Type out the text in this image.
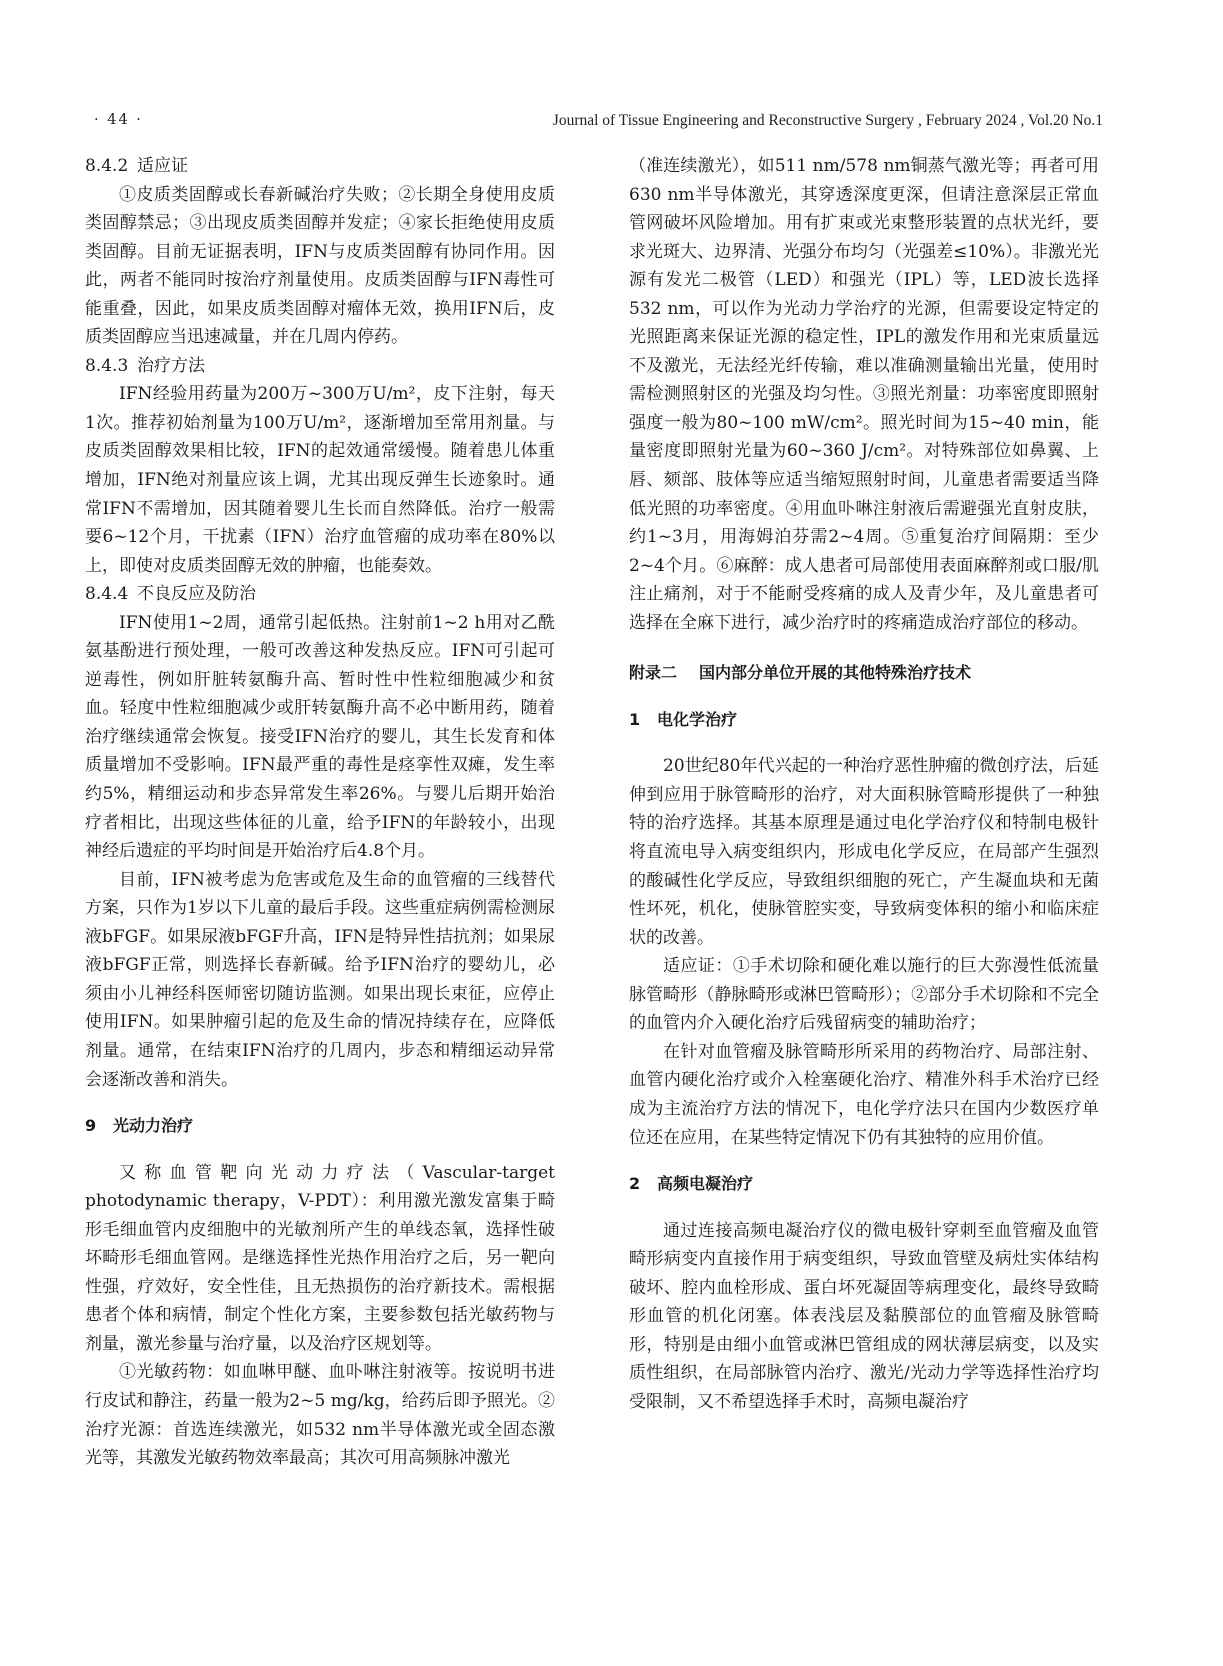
· 44 ·	Journal of Tissue Engineering and Reconstructive Surgery , February 2024 , Vol.20 No.1

8.4.2 适应证

①皮质类固醇或长春新碱治疗失败；②长期全身使用皮质类固醇禁忌；③出现皮质类固醇并发症；④家长拒绝使用皮质类固醇。目前无证据表明，IFN与皮质类固醇有协同作用。因此，两者不能同时按治疗剂量使用。皮质类固醇与IFN毒性可能重叠，因此，如果皮质类固醇对瘤体无效，换用IFN后，皮质类固醇应当迅速减量，并在几周内停药。

8.4.3 治疗方法

IFN经验用药量为200万~300万U/m²，皮下注射，每天1次。推荐初始剂量为100万U/m²，逐渐增加至常用剂量。与皮质类固醇效果相比较，IFN的起效通常缓慢。随着患儿体重增加，IFN绝对剂量应该上调，尤其出现反弹生长迹象时。通常IFN不需增加，因其随着婴儿生长而自然降低。治疗一般需要6~12个月，干扰素（IFN）治疗血管瘤的成功率在80%以上，即使对皮质类固醇无效的肿瘤，也能奏效。

8.4.4 不良反应及防治

IFN使用1~2周，通常引起低热。注射前1~2 h用对乙酰氨基酚进行预处理，一般可改善这种发热反应。IFN可引起可逆毒性，例如肝脏转氨酶升高、暂时性中性粒细胞减少和贫血。轻度中性粒细胞减少或肝转氨酶升高不必中断用药，随着治疗继续通常会恢复。接受IFN治疗的婴儿，其生长发育和体质量增加不受影响。IFN最严重的毒性是痉挛性双瘫，发生率约5%，精细运动和步态异常发生率26%。与婴儿后期开始治疗者相比，出现这些体征的儿童，给予IFN的年龄较小，出现神经后遗症的平均时间是开始治疗后4.8个月。

目前，IFN被考虑为危害或危及生命的血管瘤的三线替代方案，只作为1岁以下儿童的最后手段。这些重症病例需检测尿液bFGF。如果尿液bFGF升高，IFN是特异性拮抗剂；如果尿液bFGF正常，则选择长春新碱。给予IFN治疗的婴幼儿，必须由小儿神经科医师密切随访监测。如果出现长束征，应停止使用IFN。如果肿瘤引起的危及生命的情况持续存在，应降低剂量。通常，在结束IFN治疗的几周内，步态和精细运动异常会逐渐改善和消失。

9 光动力治疗

又称血管靶向光动力疗法（Vascular-target photodynamic therapy，V-PDT）：利用激光激发富集于畸形毛细血管内皮细胞中的光敏剂所产生的单线态氧，选择性破坏畸形毛细血管网。是继选择性光热作用治疗之后，另一靶向性强，疗效好，安全性佳，且无热损伤的治疗新技术。需根据患者个体和病情，制定个性化方案，主要参数包括光敏药物与剂量，激光参量与治疗量，以及治疗区规划等。

①光敏药物：如血啉甲醚、血卟啉注射液等。按说明书进行皮试和静注，药量一般为2~5 mg/kg，给药后即予照光。②治疗光源：首选连续激光，如532 nm半导体激光或全固态激光等，其激发光敏药物效率最高；其次可用高频脉冲激光

（准连续激光），如511 nm/578 nm铜蒸气激光等；再者可用630 nm半导体激光，其穿透深度更深，但请注意深层正常血管网破坏风险增加。用有扩束或光束整形装置的点状光纤，要求光斑大、边界清、光强分布均匀（光强差≤10%）。非激光光源有发光二极管（LED）和强光（IPL）等，LED波长选择532 nm，可以作为光动力学治疗的光源，但需要设定特定的光照距离来保证光源的稳定性，IPL的激发作用和光束质量远不及激光，无法经光纤传输，难以准确测量输出光量，使用时需检测照射区的光强及均匀性。③照光剂量：功率密度即照射强度一般为80~100 mW/cm²。照光时间为15~40 min，能量密度即照射光量为60~360 J/cm²。对特殊部位如鼻翼、上唇、颏部、肢体等应适当缩短照射时间，儿童患者需要适当降低光照的功率密度。④用血卟啉注射液后需避强光直射皮肤，约1~3月，用海姆泊芬需2~4周。⑤重复治疗间隔期：至少2~4个月。⑥麻醉：成人患者可局部使用表面麻醉剂或口服/肌注止痛剂，对于不能耐受疼痛的成人及青少年，及儿童患者可选择在全麻下进行，减少治疗时的疼痛造成治疗部位的移动。

附录二 国内部分单位开展的其他特殊治疗技术
1 电化学治疗

20世纪80年代兴起的一种治疗恶性肿瘤的微创疗法，后延伸到应用于脉管畸形的治疗，对大面积脉管畸形提供了一种独特的治疗选择。其基本原理是通过电化学治疗仪和特制电极针将直流电导入病变组织内，形成电化学反应，在局部产生强烈的酸碱性化学反应，导致组织细胞的死亡，产生凝血块和无菌性坏死，机化，使脉管腔实变，导致病变体积的缩小和临床症状的改善。

适应证：①手术切除和硬化难以施行的巨大弥漫性低流量脉管畸形（静脉畸形或淋巴管畸形）；②部分手术切除和不完全的血管内介入硬化治疗后残留病变的辅助治疗；

在针对血管瘤及脉管畸形所采用的药物治疗、局部注射、血管内硬化治疗或介入栓塞硬化治疗、精准外科手术治疗已经成为主流治疗方法的情况下，电化学疗法只在国内少数医疗单位还在应用，在某些特定情况下仍有其独特的应用价值。

2 高频电凝治疗

通过连接高频电凝治疗仪的微电极针穿刺至血管瘤及血管畸形病变内直接作用于病变组织，导致血管壁及病灶实体结构破坏、腔内血栓形成、蛋白坏死凝固等病理变化，最终导致畸形血管的机化闭塞。体表浅层及黏膜部位的血管瘤及脉管畸形，特别是由细小血管或淋巴管组成的网状薄层病变，以及实质性组织，在局部脉管内治疗、激光/光动力学等选择性治疗均受限制，又不希望选择手术时，高频电凝治疗
